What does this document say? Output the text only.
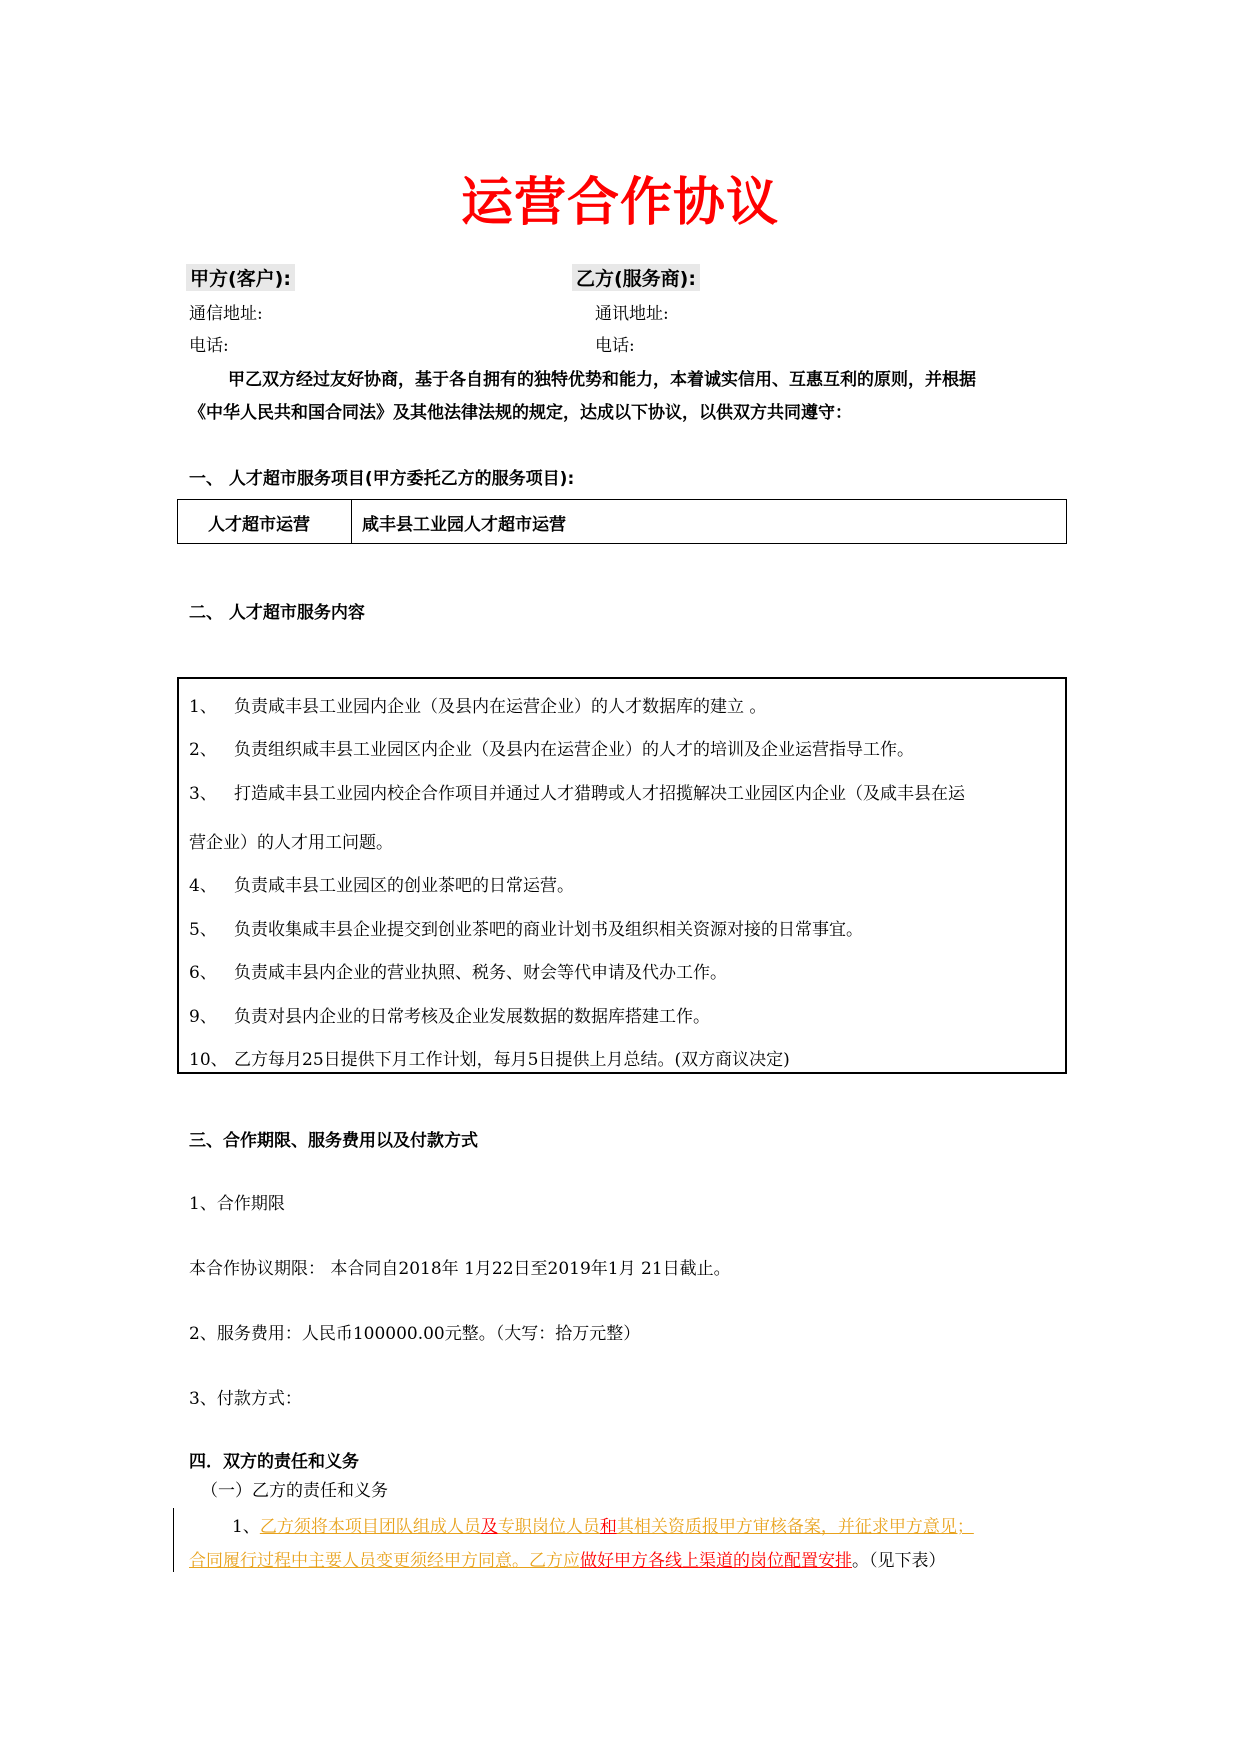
运营合作协议
甲方(客户):	乙方(服务商):
通信地址:	通讯地址:
电话:	电话:
甲乙双方经过友好协商，基于各自拥有的独特优势和能力，本着诚实信用、互惠互利的原则，并根据
《中华人民共和国合同法》及其他法律法规的规定，达成以下协议，以供双方共同遵守：
一、 人才超市服务项目(甲方委托乙方的服务项目):
人才超市运营	咸丰县工业园人才超市运营
二、 人才超市服务内容
1、 负责咸丰县工业园内企业（及县内在运营企业）的人才数据库的建立 。
2、 负责组织咸丰县工业园区内企业（及县内在运营企业）的人才的培训及企业运营指导工作。
3、 打造咸丰县工业园内校企合作项目并通过人才猎聘或人才招揽解决工业园区内企业（及咸丰县在运
营企业）的人才用工问题。
4、 负责咸丰县工业园区的创业茶吧的日常运营。
5、 负责收集咸丰县企业提交到创业茶吧的商业计划书及组织相关资源对接的日常事宜。
6、 负责咸丰县内企业的营业执照、税务、财会等代申请及代办工作。
9、 负责对县内企业的日常考核及企业发展数据的数据库搭建工作。
10、 乙方每月25日提供下月工作计划，每月5日提供上月总结。(双方商议决定)
三、合作期限、服务费用以及付款方式
1、合作期限
本合作协议期限： 本合同自2018年 1月22日至2019年1月 21日截止。
2、服务费用：人民币100000.00元整。（大写：拾万元整）
3、付款方式：
四．双方的责任和义务
（一）乙方的责任和义务
1、乙方须将本项目团队组成人员及专职岗位人员和其相关资质报甲方审核备案，并征求甲方意见；
合同履行过程中主要人员变更须经甲方同意。乙方应做好甲方各线上渠道的岗位配置安排。（见下表）
